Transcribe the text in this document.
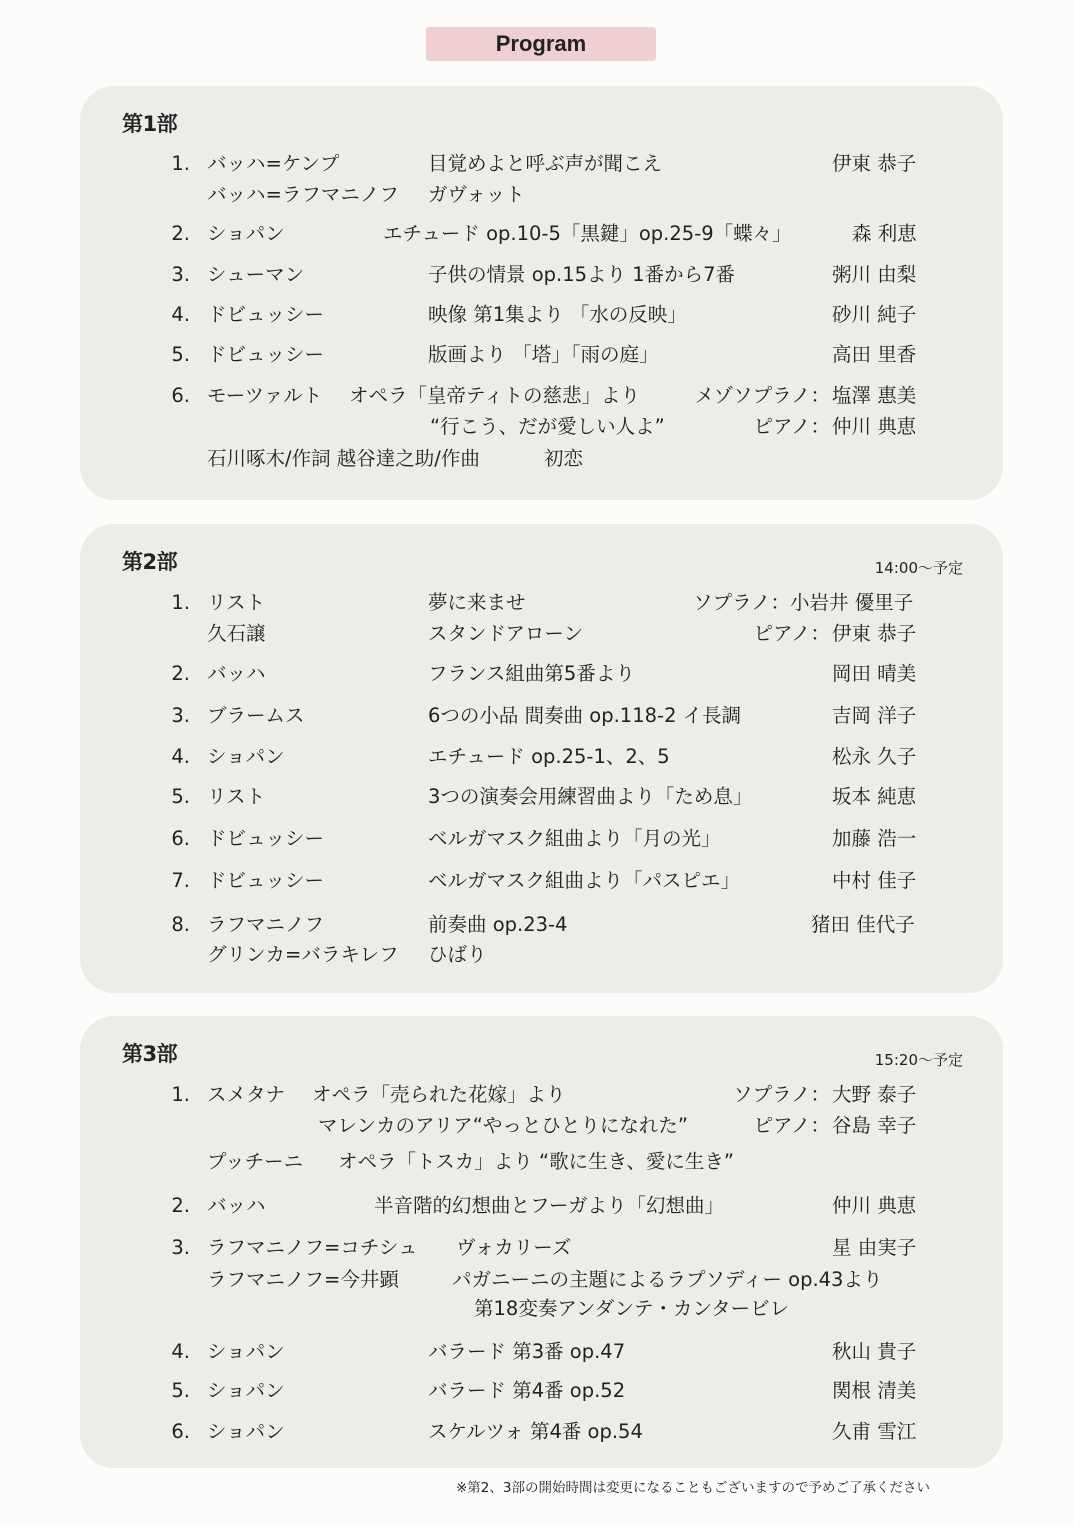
Program
第1部
第2部	14:00～予定
第3部	15:20～予定
1. バッハ=ケンプ	目覚めよと呼ぶ声が聞こえ	伊東 恭子
バッハ=ラフマニノフ ガヴォット
2. ショパン	エチュード op.10-5「黒鍵」op.25-9「蝶々」	森 利恵
3. シューマン	子供の情景 op.15より 1番から7番	粥川 由梨
4. ドビュッシー	映像 第1集より 「水の反映」	砂川 純子
5. ドビュッシー	版画より 「塔」「雨の庭」	高田 里香
6. モーツァルト オペラ「皇帝ティトの慈悲」より	メゾソプラノ： 塩澤 惠美
“行こう、だが愛しい人よ”	ピアノ： 仲川 典恵
石川啄木/作詞 越谷達之助/作曲	初恋
1. リスト	夢に来ませ	ソプラノ： 小岩井 優里子
久石譲	スタンドアローン	ピアノ： 伊東 恭子
2. バッハ	フランス組曲第5番より	岡田 晴美
3. ブラームス	6つの小品 間奏曲 op.118-2 イ長調	吉岡 洋子
4. ショパン	エチュード op.25-1、2、5	松永 久子
5. リスト	3つの演奏会用練習曲より「ため息」	坂本 純恵
6. ドビュッシー	ベルガマスク組曲より「月の光」	加藤 浩一
7. ドビュッシー	ベルガマスク組曲より「パスピエ」	中村 佳子
8. ラフマニノフ	前奏曲 op.23-4	猪田 佳代子
グリンカ=バラキレフ ひばり
1. スメタナ オペラ「売られた花嫁」より	ソプラノ： 大野 泰子
マレンカのアリア“やっとひとりになれた”	ピアノ： 谷島 幸子
プッチーニ オペラ「トスカ」より “歌に生き、愛に生き”
2. バッハ	半音階的幻想曲とフーガより「幻想曲」	仲川 典恵
3. ラフマニノフ=コチシュ ヴォカリーズ	星 由実子
ラフマニノフ=今井顕	パガニーニの主題によるラプソディー op.43より
第18変奏アンダンテ・カンタービレ
4. ショパン	バラード 第3番 op.47	秋山 貴子
5. ショパン	バラード 第4番 op.52	関根 清美
6. ショパン	スケルツォ 第4番 op.54	久甫 雪江
※第2、3部の開始時間は変更になることもございますので予めご了承ください
